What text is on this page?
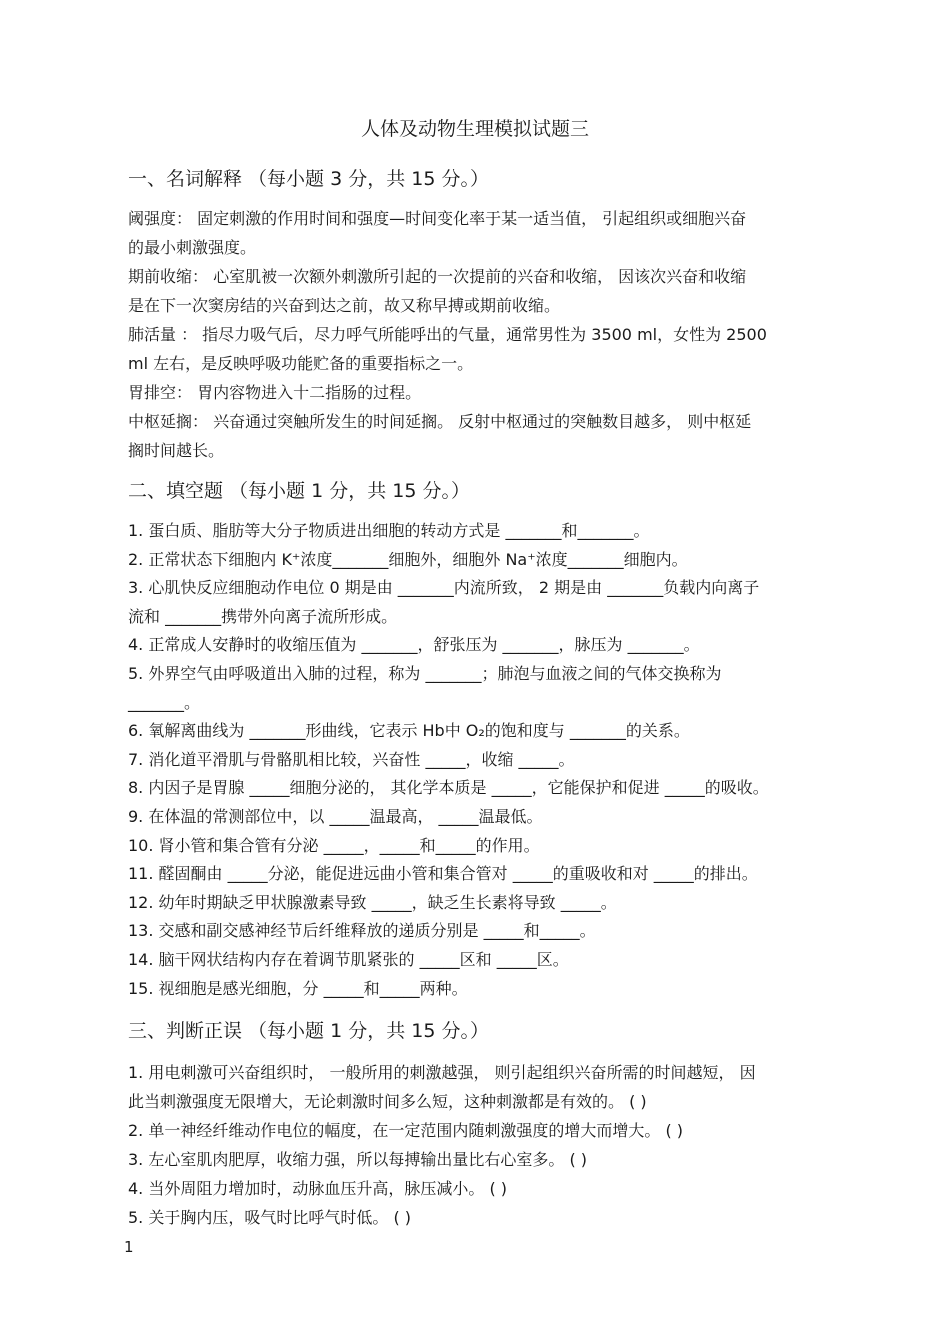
人体及动物生理模拟试题三
一、名词解释 （每小题 3 分，共 15 分。）
阈强度： 固定刺激的作用时间和强度—时间变化率于某一适当值， 引起组织或细胞兴奋
的最小刺激强度。
期前收缩： 心室肌被一次额外刺激所引起的一次提前的兴奋和收缩， 因该次兴奋和收缩
是在下一次窦房结的兴奋到达之前，故又称早搏或期前收缩。
肺活量 ： 指尽力吸气后，尽力呼气所能呼出的气量，通常男性为 3500 ml，女性为 2500
ml 左右，是反映呼吸功能贮备的重要指标之一。
胃排空： 胃内容物进入十二指肠的过程。
中枢延搁： 兴奋通过突触所发生的时间延搁。 反射中枢通过的突触数目越多， 则中枢延
搁时间越长。
二、填空题 （每小题 1 分，共 15 分。）
1. 蛋白质、脂肪等大分子物质进出细胞的转动方式是 _______和_______。
2. 正常状态下细胞内 K⁺浓度_______细胞外，细胞外 Na⁺浓度_______细胞内。
3. 心肌快反应细胞动作电位 0 期是由 _______内流所致， 2 期是由 _______负载内向离子
流和 _______携带外向离子流所形成。
4. 正常成人安静时的收缩压值为 _______，舒张压为 _______，脉压为 _______。
5. 外界空气由呼吸道出入肺的过程，称为 _______；肺泡与血液之间的气体交换称为
_______。
6. 氧解离曲线为 _______形曲线，它表示 Hb中 O₂的饱和度与 _______的关系。
7. 消化道平滑肌与骨骼肌相比较，兴奋性 _____，收缩 _____。
8. 内因子是胃腺 _____细胞分泌的， 其化学本质是 _____，它能保护和促进 _____的吸收。
9. 在体温的常测部位中，以 _____温最高， _____温最低。
10. 肾小管和集合管有分泌 _____，_____和_____的作用。
11. 醛固酮由 _____分泌，能促进远曲小管和集合管对 _____的重吸收和对 _____的排出。
12. 幼年时期缺乏甲状腺激素导致 _____，缺乏生长素将导致 _____。
13. 交感和副交感神经节后纤维释放的递质分别是 _____和_____。
14. 脑干网状结构内存在着调节肌紧张的 _____区和 _____区。
15. 视细胞是感光细胞，分 _____和_____两种。
三、判断正误 （每小题 1 分，共 15 分。）
1. 用电刺激可兴奋组织时， 一般所用的刺激越强， 则引起组织兴奋所需的时间越短， 因
此当刺激强度无限增大，无论刺激时间多么短，这种刺激都是有效的。 ( )
2. 单一神经纤维动作电位的幅度，在一定范围内随刺激强度的增大而增大。 ( )
3. 左心室肌肉肥厚，收缩力强，所以每搏输出量比右心室多。 ( )
4. 当外周阻力增加时，动脉血压升高，脉压减小。 ( )
5. 关于胸内压，吸气时比呼气时低。 ( )
1
